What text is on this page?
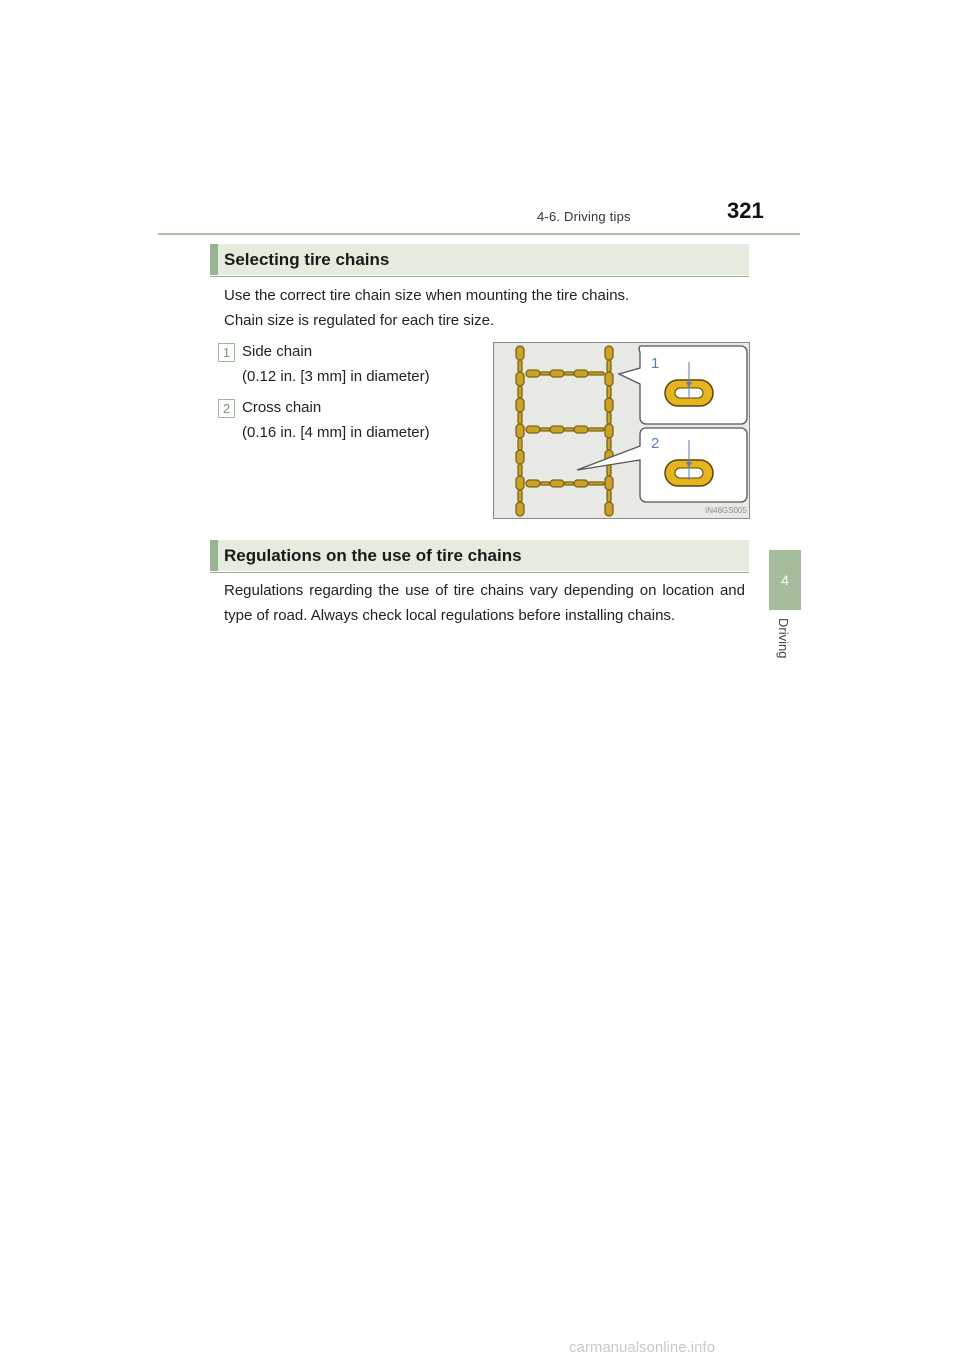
4-6. Driving tips	321
4
Driving
Selecting tire chains
Use the correct tire chain size when mounting the tire chains.
Chain size is regulated for each tire size.
1 Side chain
(0.12 in. [3 mm] in diameter)
2 Cross chain
(0.16 in. [4 mm] in diameter)
1
2
IN46GS005
Regulations on the use of tire chains
Regulations regarding the use of tire chains vary depending on location and type of road. Always check local regulations before installing chains.
carmanualsonline.info
